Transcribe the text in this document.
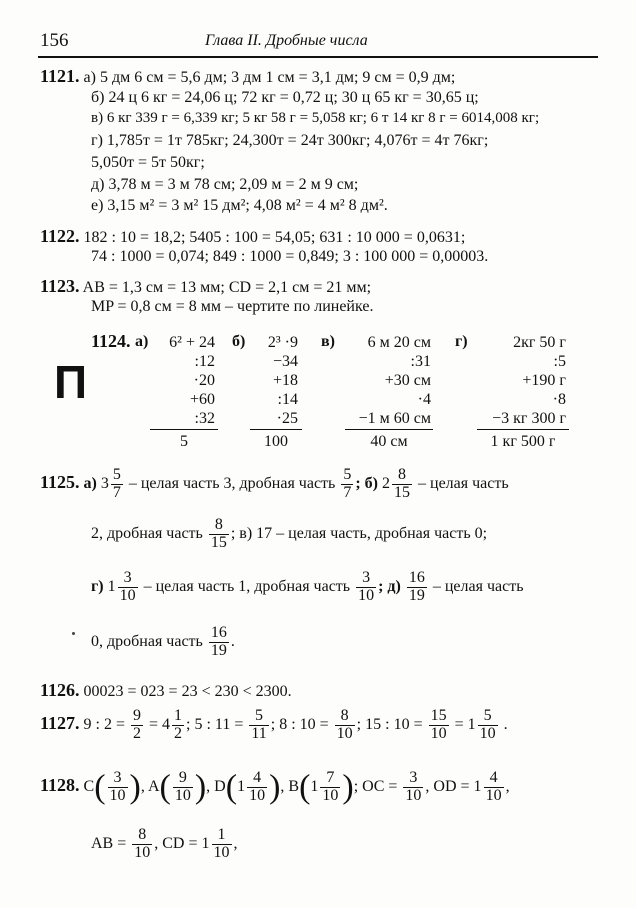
156	Глава II. Дробные числа
1121. а) 5 дм 6 см = 5,6 дм; 3 дм 1 см = 3,1 дм; 9 см = 0,9 дм;
б) 24 ц 6 кг = 24,06 ц; 72 кг = 0,72 ц; 30 ц 65 кг = 30,65 ц;
в) 6 кг 339 г = 6,339 кг; 5 кг 58 г = 5,058 кг; 6 т 14 кг 8 г = 6014,008 кг;
г) 1,785т = 1т 785кг; 24,300т = 24т 300кг; 4,076т = 4т 76кг;
5,050т = 5т 50кг;
д) 3,78 м = 3 м 78 см; 2,09 м = 2 м 9 см;
е) 3,15 м² = 3 м² 15 дм²; 4,08 м² = 4 м² 8 дм².
1122. 182 : 10 = 18,2; 5405 : 100 = 54,05; 631 : 10 000 = 0,0631;
74 : 1000 = 0,074; 849 : 1000 = 0,849; 3 : 100 000 = 0,00003.
1123. AB = 1,3 см = 13 мм; CD = 2,1 см = 21 мм;
MP = 0,8 см = 8 мм – чертите по линейке.
1124.
П
а)	6² + 24
:12
·20
+60
:32
5
б)	2³ ·9
−34
+18
:14
·25
100
в)	6 м 20 см
:31
+30 см
·4
−1 м 60 см
40 см
г)	2кг 50 г
:5
+190 г
·8
−3 кг 300 г
1 кг 500 г
1125. а) $3 \frac{5}{7}$ – целая часть 3, дробная часть $\frac{5}{7}$ ; б) $2 \frac{8}{15}$ – целая часть
2, дробная часть $\frac{8}{15}$ ; в) 17 – целая часть, дробная часть 0;
г) $1 \frac{3}{10}$ – целая часть 1, дробная часть $\frac{3}{10}$ ; $д) \frac{16}{19}$ – целая часть
0, дробная часть $\frac{16}{19}$ .
1126. 00023 = 023 = 23 < 230 < 2300.
1127. 9 : $2 = \frac{9}{2} = 4 \frac{1}{2}$ ; 5 : $11 = \frac{5}{11}$ ; 8 : $10 = \frac{8}{10}$ ; 15 : $10 = \frac{15}{10} = 1 \frac{5}{10}$ .
1128. $C( \frac{3}{10}$ ), $A( \frac{9}{10}$ ), $D(1 \frac{4}{10}$ ), $B(1 \frac{7}{10}$ ); OC = $\frac{3}{10}$ , OD = $1 \frac{4}{10}$ ,
AB = $\frac{8}{10}$ , CD = $1 \frac{1}{10}$ ,
